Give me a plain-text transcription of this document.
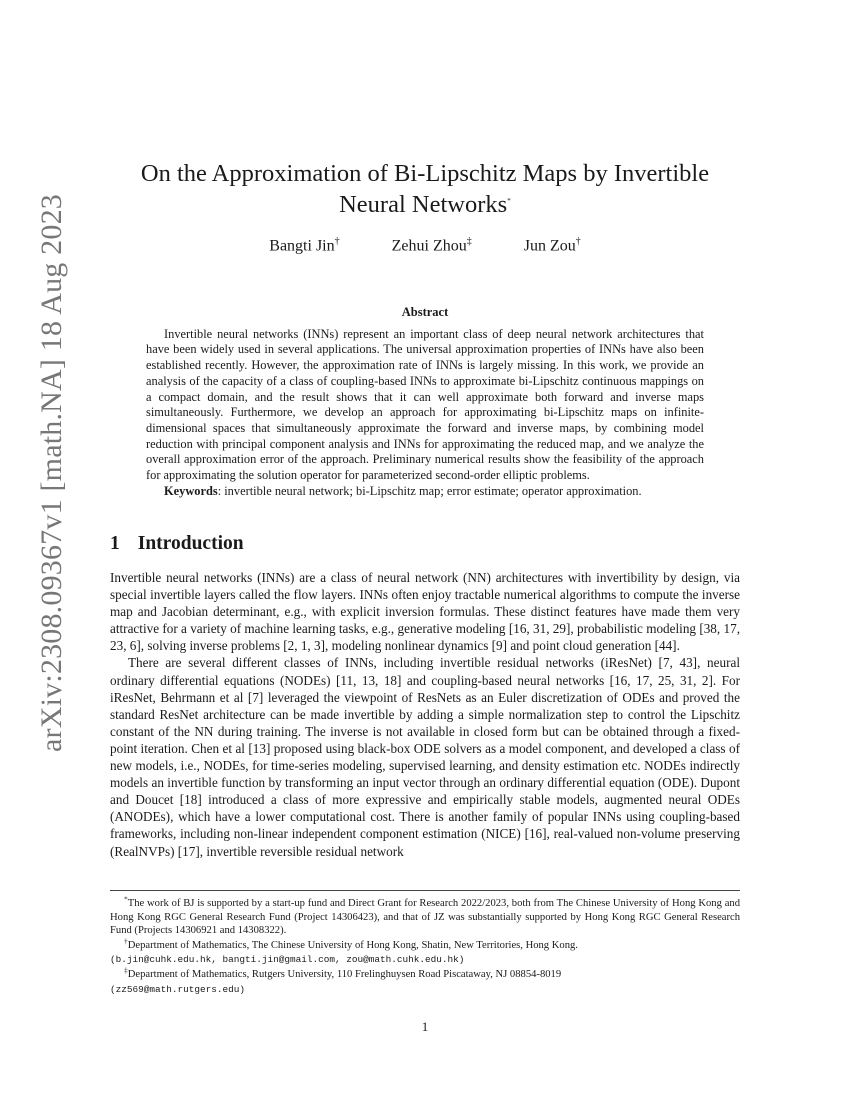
arXiv:2308.09367v1 [math.NA] 18 Aug 2023
On the Approximation of Bi-Lipschitz Maps by Invertible Neural Networks*
Bangti Jin†	Zehui Zhou‡	Jun Zou†
Abstract

Invertible neural networks (INNs) represent an important class of deep neural network architectures that have been widely used in several applications. The universal approximation properties of INNs have also been established recently. However, the approximation rate of INNs is largely missing. In this work, we provide an analysis of the capacity of a class of coupling-based INNs to approximate bi-Lipschitz continuous mappings on a compact domain, and the result shows that it can well approximate both forward and inverse maps simultaneously. Furthermore, we develop an approach for approximating bi-Lipschitz maps on infinite-dimensional spaces that simultaneously approximate the forward and inverse maps, by combining model reduction with principal component analysis and INNs for approximating the reduced map, and we analyze the overall approximation error of the approach. Preliminary numerical results show the feasibility of the approach for approximating the solution operator for parameterized second-order elliptic problems.

Keywords: invertible neural network; bi-Lipschitz map; error estimate; operator approximation.

1 Introduction

Invertible neural networks (INNs) are a class of neural network (NN) architectures with invertibility by design, via special invertible layers called the flow layers. INNs often enjoy tractable numerical algorithms to compute the inverse map and Jacobian determinant, e.g., with explicit inversion formulas. These distinct features have made them very attractive for a variety of machine learning tasks, e.g., generative modeling [16, 31, 29], probabilistic modeling [38, 17, 23, 6], solving inverse problems [2, 1, 3], modeling nonlinear dynamics [9] and point cloud generation [44].

There are several different classes of INNs, including invertible residual networks (iResNet) [7, 43], neural ordinary differential equations (NODEs) [11, 13, 18] and coupling-based neural networks [16, 17, 25, 31, 2]. For iResNet, Behrmann et al [7] leveraged the viewpoint of ResNets as an Euler discretization of ODEs and proved the standard ResNet architecture can be made invertible by adding a simple normalization step to control the Lipschitz constant of the NN during training. The inverse is not available in closed form but can be obtained through a fixed-point iteration. Chen et al [13] proposed using black-box ODE solvers as a model component, and developed a class of new models, i.e., NODEs, for time-series modeling, supervised learning, and density estimation etc. NODEs indirectly models an invertible function by transforming an input vector through an ordinary differential equation (ODE). Dupont and Doucet [18] introduced a class of more expressive and empirically stable models, augmented neural ODEs (ANODEs), which have a lower computational cost. There is another family of popular INNs using coupling-based frameworks, including non-linear independent component estimation (NICE) [16], real-valued non-volume preserving (RealNVPs) [17], invertible reversible residual network

*The work of BJ is supported by a start-up fund and Direct Grant for Research 2022/2023, both from The Chinese University of Hong Kong and Hong Kong RGC General Research Fund (Project 14306423), and that of JZ was substantially supported by Hong Kong RGC General Research Fund (Projects 14306921 and 14308322).

†Department of Mathematics, The Chinese University of Hong Kong, Shatin, New Territories, Hong Kong.

(b.jin@cuhk.edu.hk, bangti.jin@gmail.com, zou@math.cuhk.edu.hk)

‡Department of Mathematics, Rutgers University, 110 Frelinghuysen Road Piscataway, NJ 08854-8019

(zz569@math.rutgers.edu)

1
